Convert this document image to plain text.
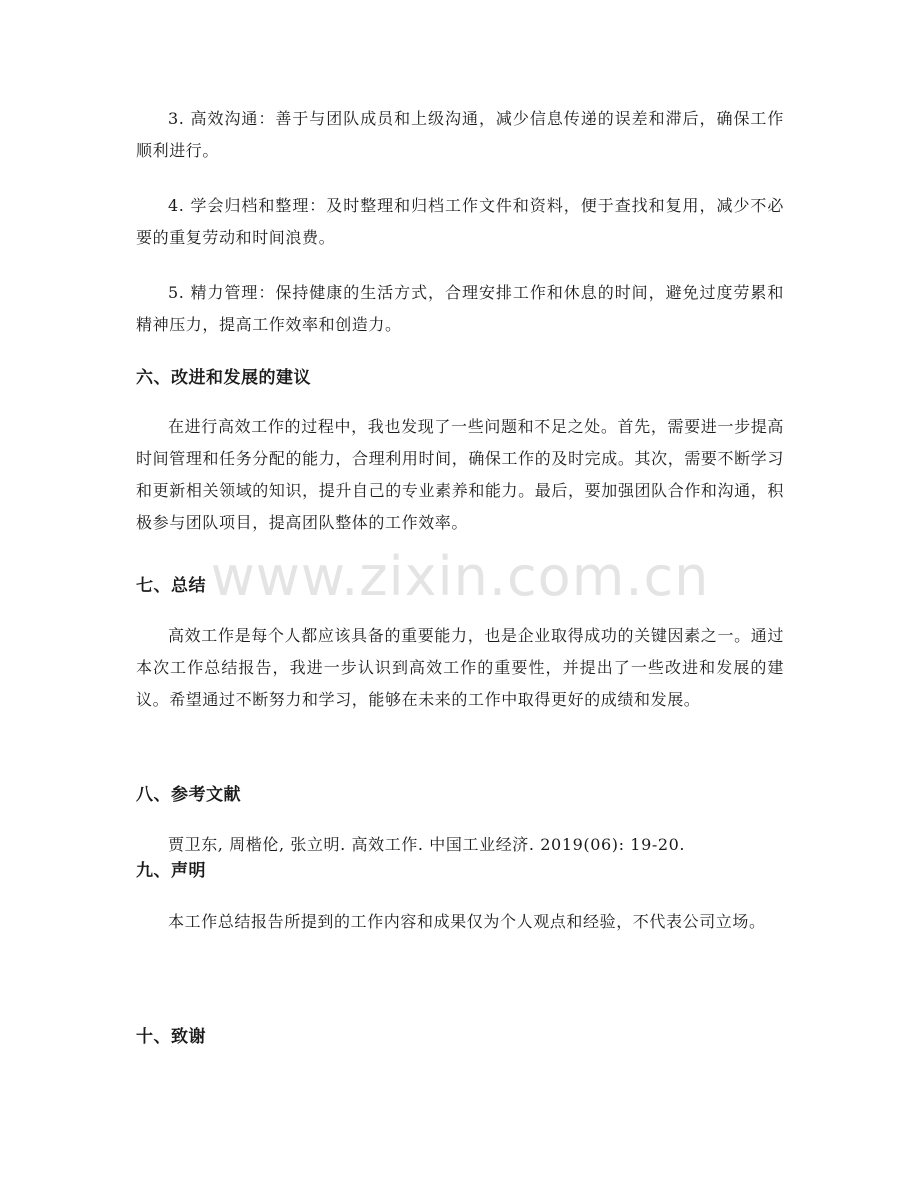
www.zixin.com.cn

3. 高效沟通：善于与团队成员和上级沟通，减少信息传递的误差和滞后，确保工作顺利进行。

4. 学会归档和整理：及时整理和归档工作文件和资料，便于查找和复用，减少不必要的重复劳动和时间浪费。

5. 精力管理：保持健康的生活方式，合理安排工作和休息的时间，避免过度劳累和精神压力，提高工作效率和创造力。

六、改进和发展的建议

在进行高效工作的过程中，我也发现了一些问题和不足之处。首先，需要进一步提高时间管理和任务分配的能力，合理利用时间，确保工作的及时完成。其次，需要不断学习和更新相关领域的知识，提升自己的专业素养和能力。最后，要加强团队合作和沟通，积极参与团队项目，提高团队整体的工作效率。

七、总结

高效工作是每个人都应该具备的重要能力，也是企业取得成功的关键因素之一。通过本次工作总结报告，我进一步认识到高效工作的重要性，并提出了一些改进和发展的建议。希望通过不断努力和学习，能够在未来的工作中取得更好的成绩和发展。

八、参考文献

贾卫东, 周楷伦, 张立明. 高效工作. 中国工业经济. 2019(06): 19-20.

九、声明

本工作总结报告所提到的工作内容和成果仅为个人观点和经验，不代表公司立场。

十、致谢
